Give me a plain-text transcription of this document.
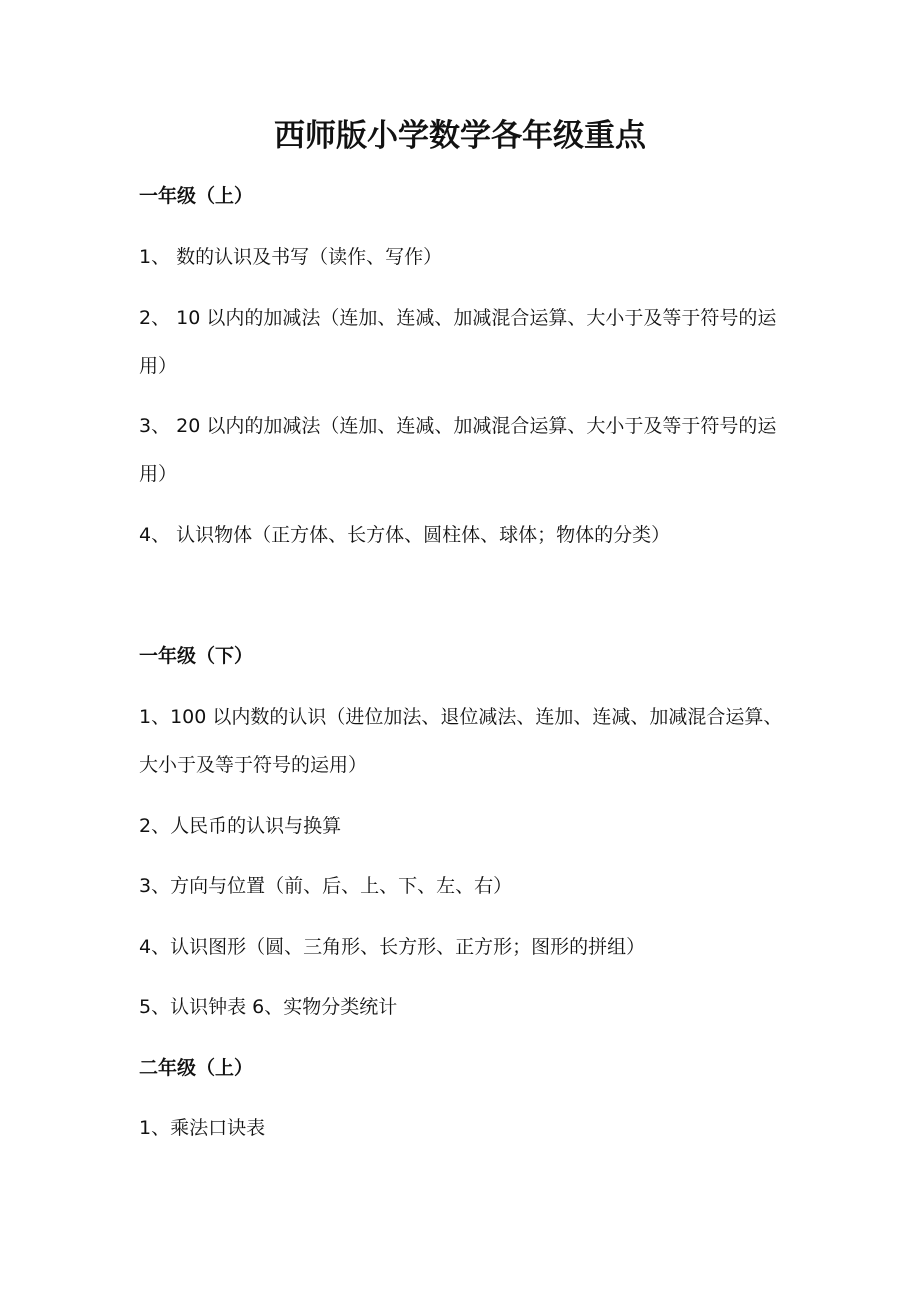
西师版小学数学各年级重点
一年级（上）
1、 数的认识及书写（读作、写作）
2、 10 以内的加减法（连加、连减、加减混合运算、大小于及等于符号的运用）
3、 20 以内的加减法（连加、连减、加减混合运算、大小于及等于符号的运用）
4、 认识物体（正方体、长方体、圆柱体、球体；物体的分类）
一年级（下）
1、100 以内数的认识（进位加法、退位减法、连加、连减、加减混合运算、大小于及等于符号的运用）
2、人民币的认识与换算
3、方向与位置（前、后、上、下、左、右）
4、认识图形（圆、三角形、长方形、正方形；图形的拼组）
5、认识钟表 6、实物分类统计
二年级（上）
1、乘法口诀表
